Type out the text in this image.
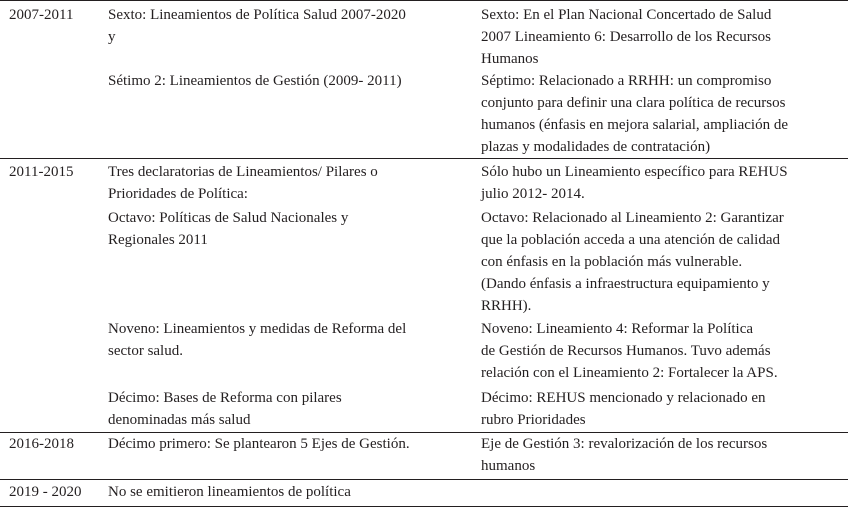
2007-2011 Sexto: Lineamientos de Política Salud 2007-2020
y
Sexto: En el Plan Nacional Concertado de Salud
2007 Lineamiento 6: Desarrollo de los Recursos
Humanos
Sétimo 2: Lineamientos de Gestión (2009- 2011)	Séptimo: Relacionado a RRHH: un compromiso
conjunto para definir una clara política de recursos
humanos (énfasis en mejora salarial, ampliación de
plazas y modalidades de contratación)
2011-2015 Tres declaratorias de Lineamientos/ Pilares o
Prioridades de Política:
Sólo hubo un Lineamiento específico para REHUS
julio 2012- 2014.
Octavo: Políticas de Salud Nacionales y
Regionales 2011
Octavo: Relacionado al Lineamiento 2: Garantizar
que la población acceda a una atención de calidad
con énfasis en la población más vulnerable.
(Dando énfasis a infraestructura equipamiento y
RRHH).
Noveno: Lineamientos y medidas de Reforma del
sector salud.
Noveno: Lineamiento 4: Reformar la Política
de Gestión de Recursos Humanos. Tuvo además
relación con el Lineamiento 2: Fortalecer la APS.
Décimo: Bases de Reforma con pilares
denominadas más salud
Décimo: REHUS mencionado y relacionado en
rubro Prioridades
2016-2018 Décimo primero: Se plantearon 5 Ejes de Gestión.	Eje de Gestión 3: revalorización de los recursos
humanos
2019 - 2020 No se emitieron lineamientos de política
